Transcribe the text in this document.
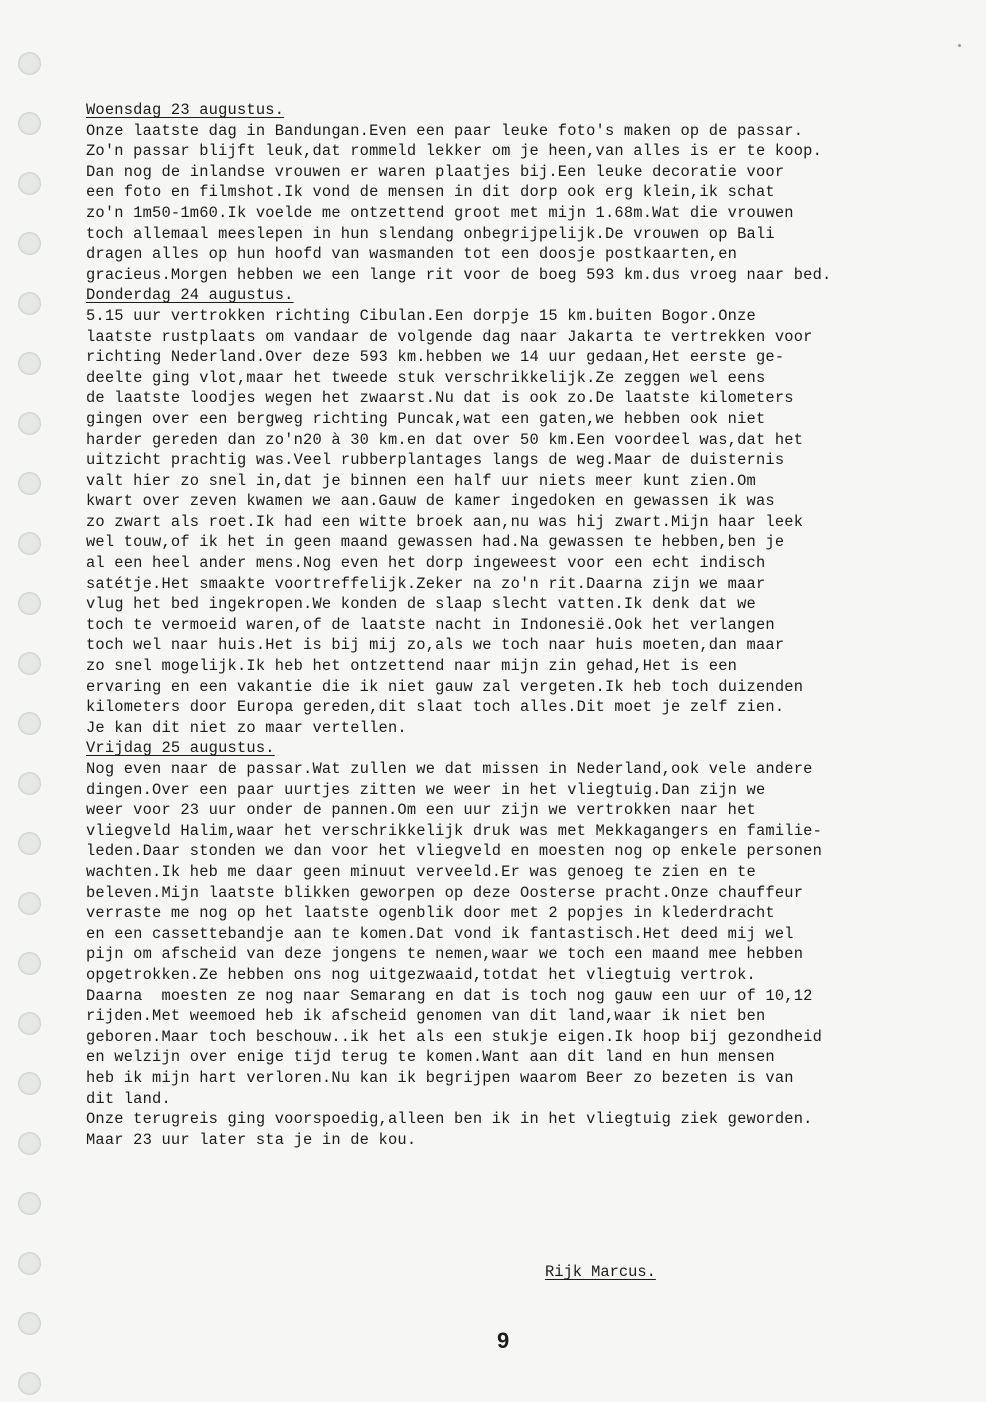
Woensdag 23 augustus.
Onze laatste dag in Bandungan.Even een paar leuke foto's maken op de passar.
Zo'n passar blijft leuk,dat rommeld lekker om je heen,van alles is er te koop.
Dan nog de inlandse vrouwen er waren plaatjes bij.Een leuke decoratie voor
een foto en filmshot.Ik vond de mensen in dit dorp ook erg klein,ik schat
zo'n 1m50-1m60.Ik voelde me ontzettend groot met mijn 1.68m.Wat die vrouwen
toch allemaal meeslepen in hun slendang onbegrijpelijk.De vrouwen op Bali
dragen alles op hun hoofd van wasmanden tot een doosje postkaarten,en
gracieus.Morgen hebben we een lange rit voor de boeg 593 km.dus vroeg naar bed.
Donderdag 24 augustus.
5.15 uur vertrokken richting Cibulan.Een dorpje 15 km.buiten Bogor.Onze
laatste rustplaats om vandaar de volgende dag naar Jakarta te vertrekken voor
richting Nederland.Over deze 593 km.hebben we 14 uur gedaan,Het eerste ge-
deelte ging vlot,maar het tweede stuk verschrikkelijk.Ze zeggen wel eens
de laatste loodjes wegen het zwaarst.Nu dat is ook zo.De laatste kilometers
gingen over een bergweg richting Puncak,wat een gaten,we hebben ook niet
harder gereden dan zo'n20 à 30 km.en dat over 50 km.Een voordeel was,dat het
uitzicht prachtig was.Veel rubberplantages langs de weg.Maar de duisternis
valt hier zo snel in,dat je binnen een half uur niets meer kunt zien.Om
kwart over zeven kwamen we aan.Gauw de kamer ingedoken en gewassen ik was
zo zwart als roet.Ik had een witte broek aan,nu was hij zwart.Mijn haar leek
wel touw,of ik het in geen maand gewassen had.Na gewassen te hebben,ben je
al een heel ander mens.Nog even het dorp ingeweest voor een echt indisch
satétje.Het smaakte voortreffelijk.Zeker na zo'n rit.Daarna zijn we maar
vlug het bed ingekropen.We konden de slaap slecht vatten.Ik denk dat we
toch te vermoeid waren,of de laatste nacht in Indonesië.Ook het verlangen
toch wel naar huis.Het is bij mij zo,als we toch naar huis moeten,dan maar
zo snel mogelijk.Ik heb het ontzettend naar mijn zin gehad,Het is een
ervaring en een vakantie die ik niet gauw zal vergeten.Ik heb toch duizenden
kilometers door Europa gereden,dit slaat toch alles.Dit moet je zelf zien.
Je kan dit niet zo maar vertellen.
Vrijdag 25 augustus.
Nog even naar de passar.Wat zullen we dat missen in Nederland,ook vele andere
dingen.Over een paar uurtjes zitten we weer in het vliegtuig.Dan zijn we
weer voor 23 uur onder de pannen.Om een uur zijn we vertrokken naar het
vliegveld Halim,waar het verschrikkelijk druk was met Mekkagangers en familie-
leden.Daar stonden we dan voor het vliegveld en moesten nog op enkele personen
wachten.Ik heb me daar geen minuut verveeld.Er was genoeg te zien en te
beleven.Mijn laatste blikken geworpen op deze Oosterse pracht.Onze chauffeur
verraste me nog op het laatste ogenblik door met 2 popjes in klederdracht
en een cassettebandje aan te komen.Dat vond ik fantastisch.Het deed mij wel
pijn om afscheid van deze jongens te nemen,waar we toch een maand mee hebben
opgetrokken.Ze hebben ons nog uitgezwaaid,totdat het vliegtuig vertrok.
Daarna  moesten ze nog naar Semarang en dat is toch nog gauw een uur of 10,12
rijden.Met weemoed heb ik afscheid genomen van dit land,waar ik niet ben
geboren.Maar toch beschouw..ik het als een stukje eigen.Ik hoop bij gezondheid
en welzijn over enige tijd terug te komen.Want aan dit land en hun mensen
heb ik mijn hart verloren.Nu kan ik begrijpen waarom Beer zo bezeten is van
dit land.
Onze terugreis ging voorspoedig,alleen ben ik in het vliegtuig ziek geworden.
Maar 23 uur later sta je in de kou.
Rijk Marcus.
9
